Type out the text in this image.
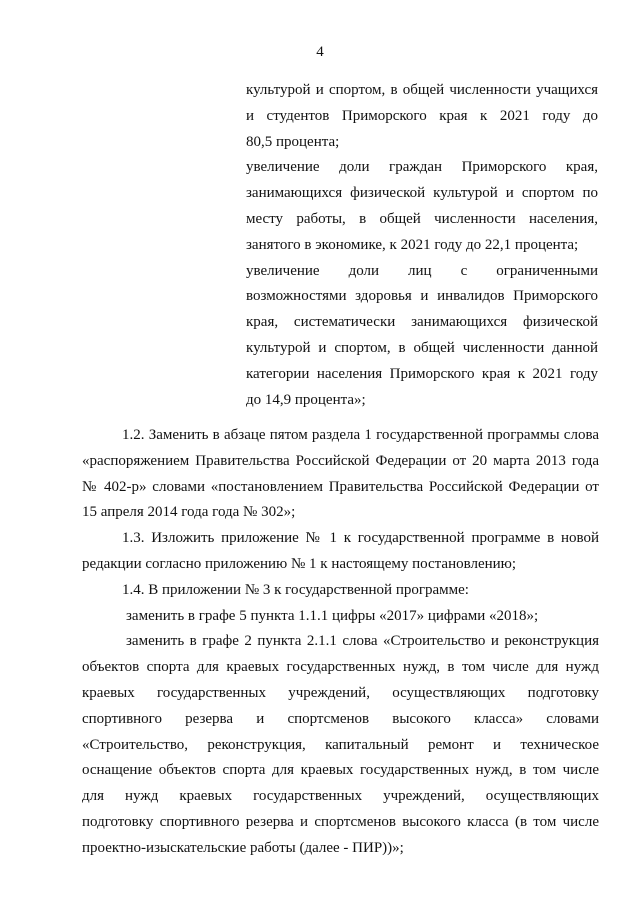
4
культурой и спортом, в общей численности учащихся
и студентов Приморского края к 2021 году до
80,5 процента;
увеличение доли граждан Приморского края,
занимающихся физической культурой и спортом по
месту работы, в общей численности населения,
занятого в экономике, к 2021 году до 22,1 процента;
увеличение доли лиц с ограниченными
возможностями здоровья и инвалидов Приморского
края, систематически занимающихся физической
культурой и спортом, в общей численности данной
категории населения Приморского края к 2021 году
до 14,9 процента»;
1.2. Заменить в абзаце пятом раздела 1 государственной программы слова
«распоряжением Правительства Российской Федерации от 20 марта 2013 года
№ 402-р» словами «постановлением Правительства Российской Федерации от
15 апреля 2014 года года № 302»;
1.3. Изложить приложение № 1 к государственной программе в новой
редакции согласно приложению № 1 к настоящему постановлению;
1.4. В приложении № 3 к государственной программе:
заменить в графе 5 пункта 1.1.1 цифры «2017» цифрами «2018»;
заменить в графе 2 пункта 2.1.1 слова «Строительство и реконструкция
объектов спорта для краевых государственных нужд, в том числе для нужд
краевых государственных учреждений, осуществляющих подготовку
спортивного резерва и спортсменов высокого класса» словами
«Строительство, реконструкция, капитальный ремонт и техническое
оснащение объектов спорта для краевых государственных нужд, в том числе
для нужд краевых государственных учреждений, осуществляющих
подготовку спортивного резерва и спортсменов высокого класса (в том числе
проектно-изыскательские работы (далее - ПИР))»;
